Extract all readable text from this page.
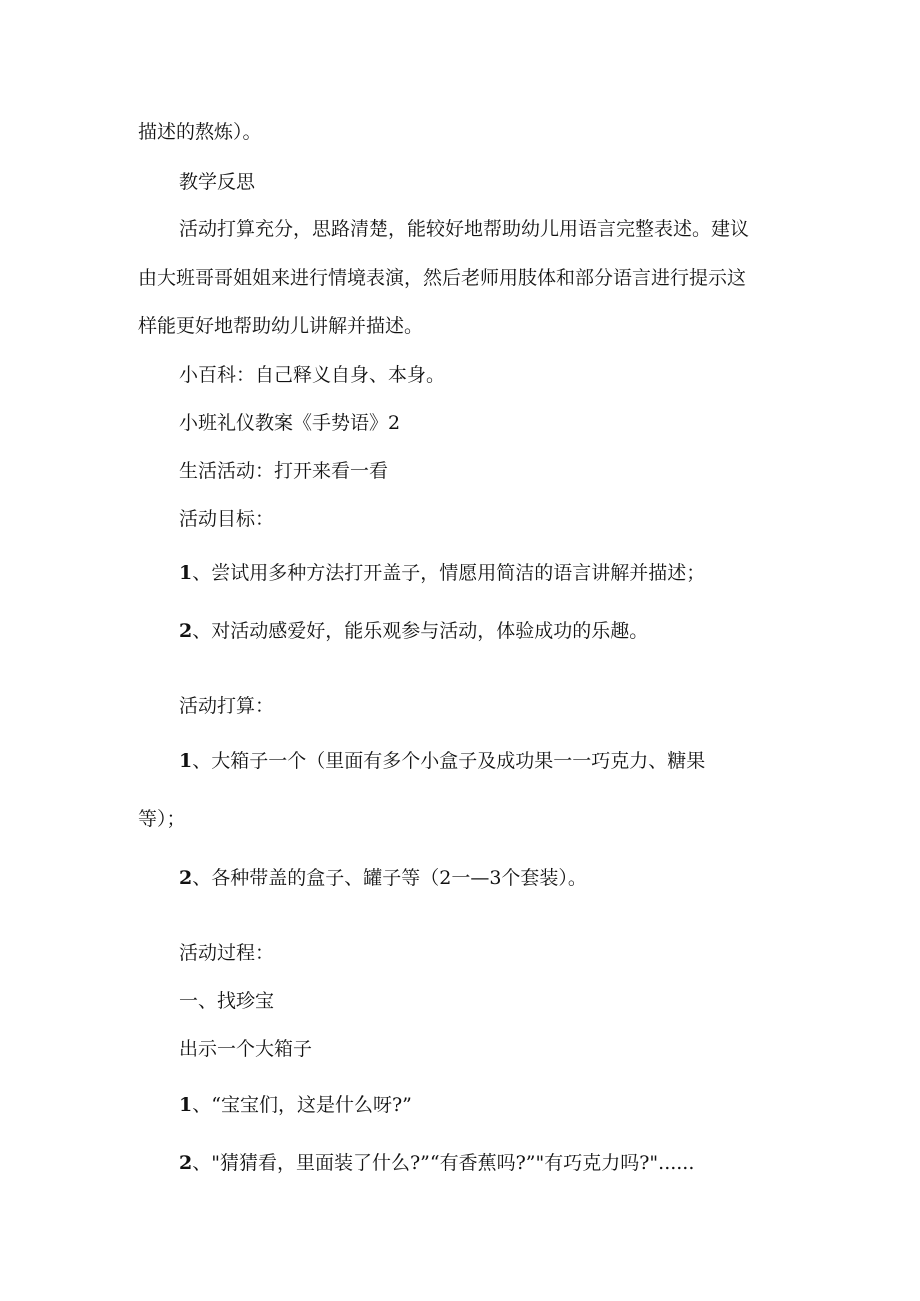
描述的熬炼）。

教学反思

活动打算充分，思路清楚，能较好地帮助幼儿用语言完整表述。建议

由大班哥哥姐姐来进行情境表演，然后老师用肢体和部分语言进行提示这

样能更好地帮助幼儿讲解并描述。

小百科：自己释义自身、本身。

小班礼仪教案《手势语》2

生活活动：打开来看一看

活动目标：

1、尝试用多种方法打开盖子，情愿用简洁的语言讲解并描述；

2、对活动感爱好，能乐观参与活动，体验成功的乐趣。

活动打算：

1、大箱子一个（里面有多个小盒子及成功果一一巧克力、糖果

等）；

2、各种带盖的盒子、罐子等（2一—3个套装）。

活动过程：

一、找珍宝

出示一个大箱子

1、“宝宝们，这是什么呀?”

2、"猜猜看，里面装了什么?”“有香蕉吗?”"有巧克力吗?"......
